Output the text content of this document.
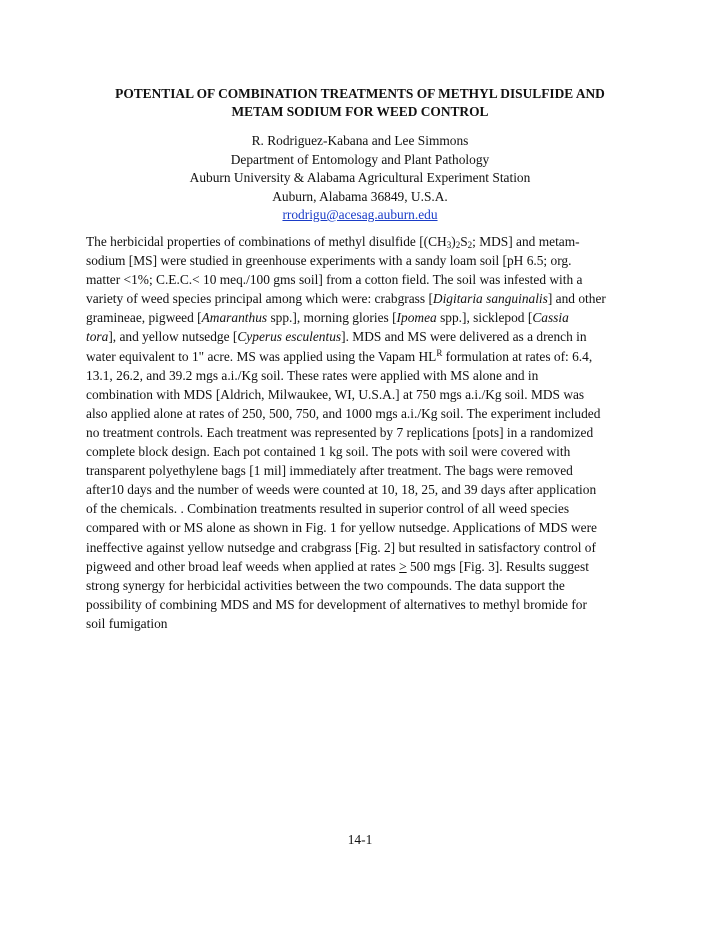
POTENTIAL OF COMBINATION TREATMENTS OF METHYL DISULFIDE AND
METAM SODIUM FOR WEED CONTROL
R. Rodriguez-Kabana and Lee Simmons
Department of Entomology and Plant Pathology
Auburn University & Alabama Agricultural Experiment Station
Auburn, Alabama 36849, U.S.A.
rrodrigu@acesag.auburn.edu
The herbicidal properties of combinations of methyl disulfide [$(CH_3)_2S_2$; MDS] and metam-
sodium [MS] were studied in greenhouse experiments with a sandy loam soil [pH 6.5; org.
matter <1%; C.E.C.< 10 meq./100 gms soil] from a cotton field. The soil was infested with a
variety of weed species principal among which were: crabgrass [Digitaria sanguinalis] and other
gramineae, pigweed [Amaranthus spp.], morning glories [Ipomea spp.], sicklepod [Cassia
tora], and yellow nutsedge [Cyperus esculentus]. MDS and MS were delivered as a drench in
water equivalent to 1" acre. MS was applied using the Vapam $HL^R$ formulation at rates of: 6.4,
13.1, 26.2, and 39.2 mgs a.i./Kg soil. These rates were applied with MS alone and in
combination with MDS [Aldrich, Milwaukee, WI, U.S.A.] at 750 mgs a.i./Kg soil. MDS was
also applied alone at rates of 250, 500, 750, and 1000 mgs a.i./Kg soil. The experiment included
no treatment controls. Each treatment was represented by 7 replications [pots] in a randomized
complete block design. Each pot contained 1 kg soil. The pots with soil were covered with
transparent polyethylene bags [1 mil] immediately after treatment. The bags were removed
after10 days and the number of weeds were counted at 10, 18, 25, and 39 days after application
of the chemicals. . Combination treatments resulted in superior control of all weed species
compared with or MS alone as shown in Fig. 1 for yellow nutsedge. Applications of MDS were
ineffective against yellow nutsedge and crabgrass [Fig. 2] but resulted in satisfactory control of
pigweed and other broad leaf weeds when applied at rates ≥ 500 mgs [Fig. 3]. Results suggest
strong synergy for herbicidal activities between the two compounds. The data support the
possibility of combining MDS and MS for development of alternatives to methyl bromide for
soil fumigation
14-1
